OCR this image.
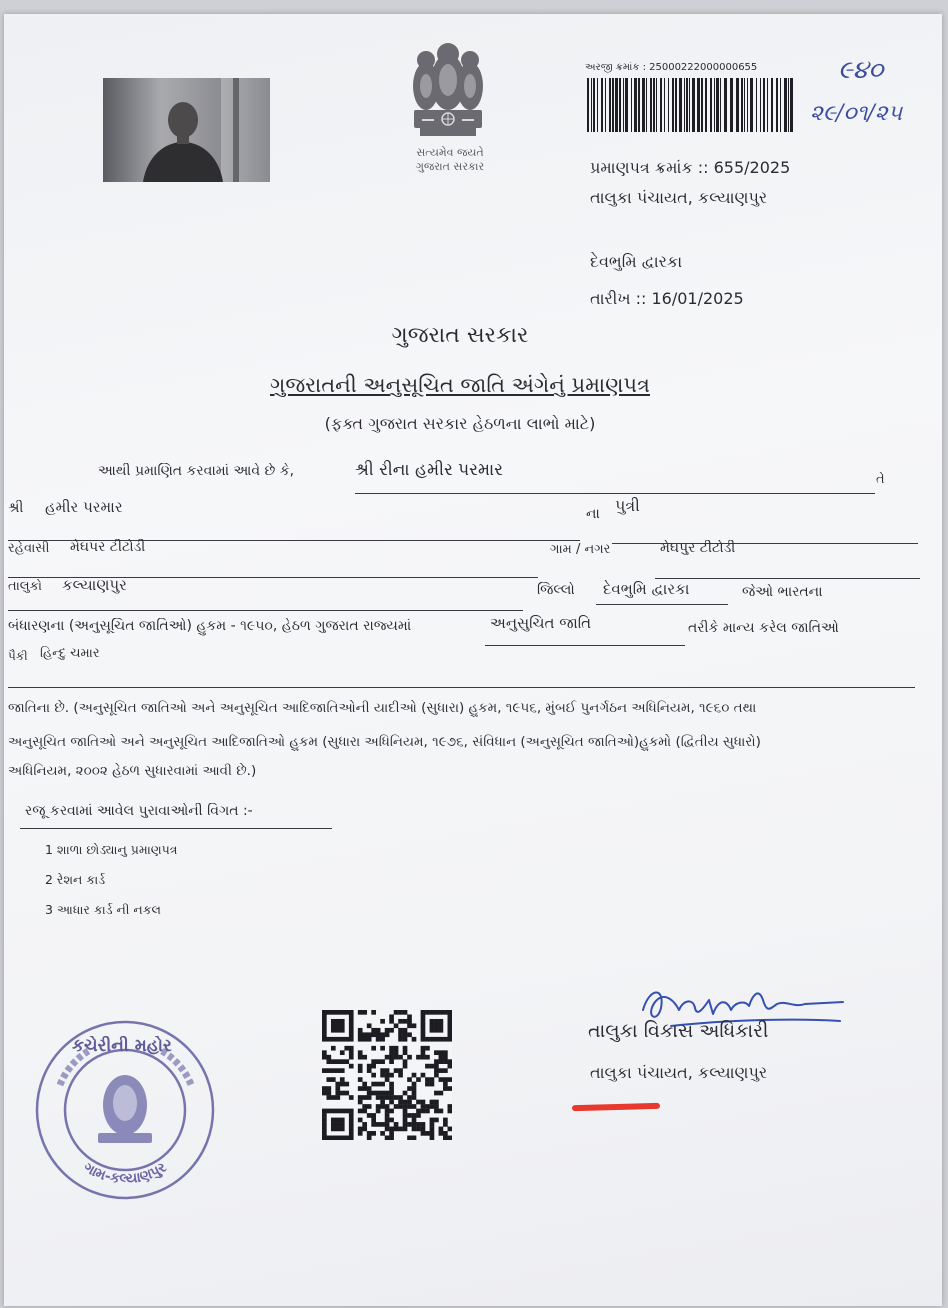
સત્યમેવ જયતે
ગુજરાત સરકાર
અરજી ક્રમાંક : 25000222000000655	૯૪૦
૨૯/૦૧/૨૫
પ્રમાણપત્ર ક્રમાંક :: 655/2025
તાલુકા પંચાયત, કલ્યાણપુર
દેવભુમિ દ્વારકા
તારીખ :: 16/01/2025
ગુજરાત સરકાર
ગુજરાતની અનુસૂચિત જાતિ અંગેનું પ્રમાણપત્ર
(ફક્ત ગુજરાત સરકાર હેઠળના લાભો માટે)
આથી પ્રમાણિત કરવામાં આવે છે કે,	શ્રી રીના હમીર પરમાર	તે
શ્રી	હમીર પરમાર	ના પુત્રી
રહેવાસી	મેઘપર ટીટોડી	ગામ / નગર	મેઘપુર ટીટોડી
તાલુકો	કલ્યાણપુર	જિલ્લો	દેવભુમિ દ્વારકા	જેઓ ભારતના
બંધારણના (અનુસૂચિત જાતિઓ) હુકમ - ૧૯૫૦, હેઠળ ગુજરાત રાજ્યમાં	અનુસુચિત જાતિ	તરીકે માન્ય કરેલ જાતિઓ
પૈકી હિન્દુ ચમાર
જાતિના છે. (અનુસૂચિત જાતિઓ અને અનુસૂચિત આદિજાતિઓની યાદીઓ (સુધારા) હુકમ, ૧૯૫૬, મુંબઈ પુનર્ગઠન અધિનિયમ, ૧૯૬૦ તથા
અનુસૂચિત જાતિઓ અને અનુસૂચિત આદિજાતિઓ હુકમ (સુધારા અધિનિયમ, ૧૯૭૬, સંવિધાન (અનુસૂચિત જાતિઓ)હુકમો (દ્વિતીય સુધારો)
અધિનિયમ, ૨૦૦૨ હેઠળ સુધારવામાં આવી છે.)
રજૂ કરવામાં આવેલ પુરાવાઓની વિગત :-
1 શાળા છોડ્યાનુ પ્રમાણપત્ર
2 રેશન કાર્ડ
3 આધાર કાર્ડ ની નકલ
ગામ-કલ્યાણપુર
કચેરીની મહોર
તાલુકા વિકાસ અધિકારી
તાલુકા પંચાયત, કલ્યાણપુર
